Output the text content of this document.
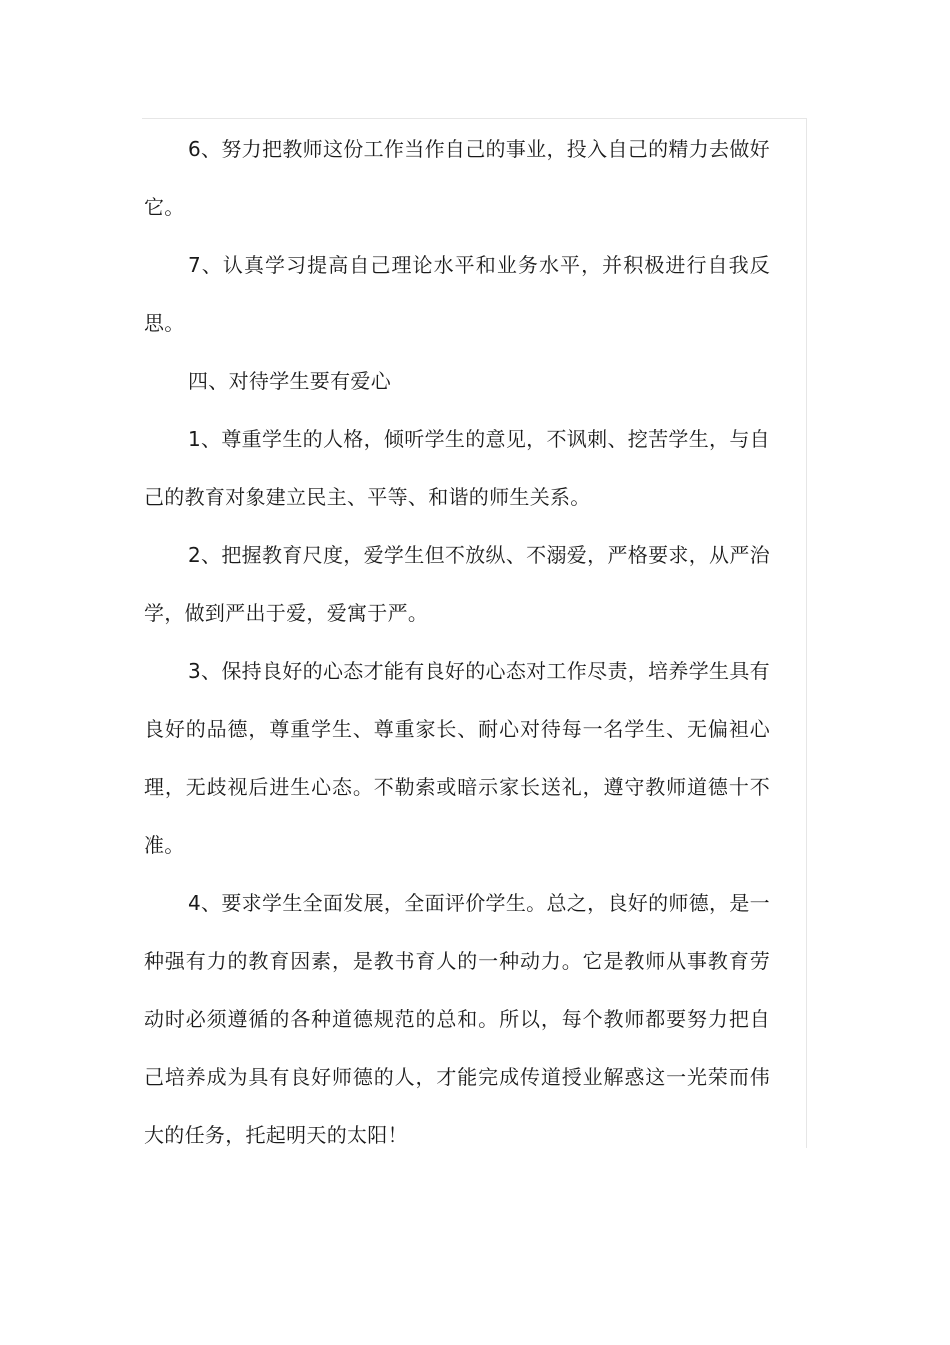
6、努力把教师这份工作当作自己的事业，投入自己的精力去做好它。

7、认真学习提高自己理论水平和业务水平，并积极进行自我反思。

四、对待学生要有爱心

1、尊重学生的人格，倾听学生的意见，不讽刺、挖苦学生，与自己的教育对象建立民主、平等、和谐的师生关系。

2、把握教育尺度，爱学生但不放纵、不溺爱，严格要求，从严治学，做到严出于爱，爱寓于严。

3、保持良好的心态才能有良好的心态对工作尽责，培养学生具有良好的品德，尊重学生、尊重家长、耐心对待每一名学生、无偏袒心理，无歧视后进生心态。不勒索或暗示家长送礼，遵守教师道德十不准。

4、要求学生全面发展，全面评价学生。总之，良好的师德，是一种强有力的教育因素，是教书育人的一种动力。它是教师从事教育劳动时必须遵循的各种道德规范的总和。所以，每个教师都要努力把自己培养成为具有良好师德的人，才能完成传道授业解惑这一光荣而伟大的任务，托起明天的太阳！
